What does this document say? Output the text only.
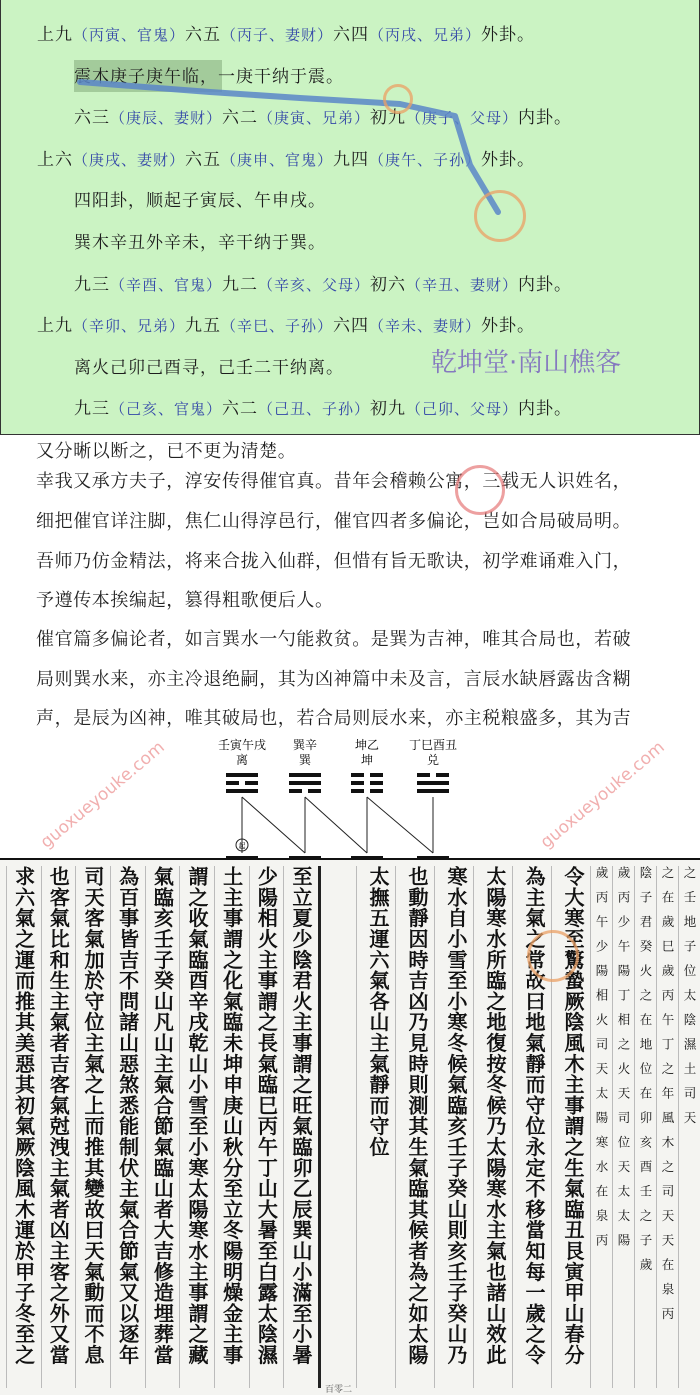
上九（丙寅、官鬼）六五（丙子、妻财）六四（丙戌、兄弟）外卦。
震木庚子庚午临，一庚干纳于震。
六三（庚辰、妻财）六二（庚寅、兄弟）初九（庚子、父母）内卦。
上六（庚戌、妻财）六五（庚申、官鬼）九四（庚午、子孙）外卦。
四阳卦，顺起子寅辰、午申戌。
巽木辛丑外辛未，辛干纳于巽。
九三（辛酉、官鬼）九二（辛亥、父母）初六（辛丑、妻财）内卦。
上九（辛卯、兄弟）九五（辛巳、子孙）六四（辛未、妻财）外卦。
离火己卯己酉寻，己壬二干纳离。
九三（己亥、官鬼）六二（己丑、子孙）初九（己卯、父母）内卦。
乾坤堂·南山樵客
又分晰以断之，已不更为清楚。
幸我又承方夫子，淳安传得催官真。昔年会稽赖公寓，三载无人识姓名，
细把催官详注脚，焦仁山得淳邑行，催官四者多偏论，岂如合局破局明。
吾师乃仿金精法，将来合拢入仙群，但惜有旨无歌诀，初学难诵难入门，
予遵传本挨编起，篡得粗歌便后人。
催官篇多偏论者，如言巽水一勺能救贫。是巽为吉神，唯其合局也，若破
局则巽水来，亦主冷退绝嗣，其为凶神篇中未及言，言辰水缺唇露齿含糊
声，是辰为凶神，唯其破局也，若合局则辰水来，亦主税粮盛多，其为吉
壬寅午戌
离
巽辛
巽
坤乙
坤
丁巳酉丑
兑
起
至立夏少陰君火主事謂之旺氣臨卯乙辰巽山小滿至小暑
少陽相火主事謂之長氣臨巳丙午丁山大暑至白露太陰濕
土主事謂之化氣臨未坤申庚山秋分至立冬陽明燥金主事
謂之收氣臨酉辛戌乾山小雪至小寒太陽寒水主事謂之藏
氣臨亥壬子癸山凡山主氣合節氣臨山者大吉修造埋葬當
為百事皆吉不問諸山惡煞悉能制伏主氣合節氣又以逐年
司天客氣加於守位主氣之上而推其變故曰天氣動而不息
也客氣比和生主氣者吉客氣尅洩主氣者凶主客之外又當
求六氣之運而推其美惡其初氣厥陰風木運於甲子冬至之	之壬地子位太陰濕土司天
之在歲巳歲丙午丁之年風木之司天天在泉丙
陰子君癸火之在地位在卯亥酉壬之子歲
歲丙少午陽丁相之火天司位天太太陽
歲丙午少陽相火司天太陽寒水在泉丙
令大寒至驚蟄厥陰風木主事謂之生氣臨丑艮寅甲山春分
為主氣之常故曰地氣靜而守位永定不移當知每一歲之令
太陽寒水所臨之地復按冬候乃太陽寒水主氣也諸山效此
寒水自小雪至小寒冬候氣臨亥壬子癸山則亥壬子癸山乃
也動靜因時吉凶乃見時則測其生氣臨其候者為之如太陽
太撫五運六氣各山主氣靜而守位
百零二
guoxueyouke.com	guoxueyouke.com
